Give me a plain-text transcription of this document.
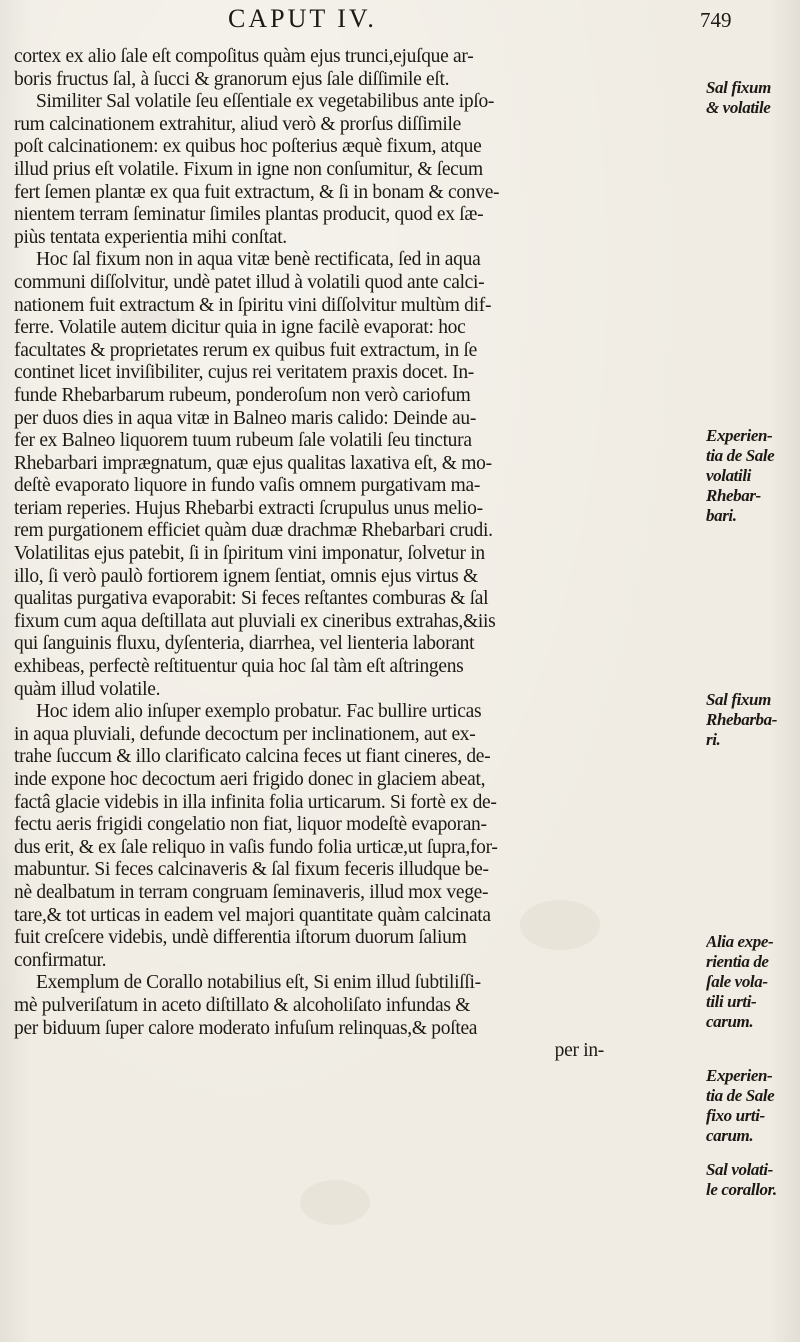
CAPUT IV.	749
cortex ex alio ſale eſt compoſitus quàm ejus trunci,ejuſque ar-
boris fructus ſal, à ſucci & granorum ejus ſale diſſimile eſt.
Similiter Sal volatile ſeu eſſentiale ex vegetabilibus ante ipſo-
rum calcinationem extrahitur, aliud verò & prorſus diſſimile
poſt calcinationem: ex quibus hoc poſterius æquè fixum, atque
illud prius eſt volatile. Fixum in igne non conſumitur, & ſecum
fert ſemen plantæ ex qua fuit extractum, & ſi in bonam & conve-
nientem terram ſeminatur ſimiles plantas producit, quod ex ſæ-
piùs tentata experientia mihi conſtat.
Hoc ſal fixum non in aqua vitæ benè rectificata, ſed in aqua
communi diſſolvitur, undè patet illud à volatili quod ante calci-
nationem fuit extractum & in ſpiritu vini diſſolvitur multùm dif-
ferre. Volatile autem dicitur quia in igne facilè evaporat: hoc
facultates & proprietates rerum ex quibus fuit extractum, in ſe
continet licet inviſibiliter, cujus rei veritatem praxis docet. In-
funde Rhebarbarum rubeum, ponderoſum non verò cariofum
per duos dies in aqua vitæ in Balneo maris calido: Deinde au-
fer ex Balneo liquorem tuum rubeum ſale volatili ſeu tinctura
Rhebarbari imprægnatum, quæ ejus qualitas laxativa eſt, & mo-
deſtè evaporato liquore in fundo vaſis omnem purgativam ma-
teriam reperies. Hujus Rhebarbi extracti ſcrupulus unus melio-
rem purgationem efficiet quàm duæ drachmæ Rhebarbari crudi.
Volatilitas ejus patebit, ſi in ſpiritum vini imponatur, ſolvetur in
illo, ſi verò paulò fortiorem ignem ſentiat, omnis ejus virtus &
qualitas purgativa evaporabit: Si feces reſtantes comburas & ſal
fixum cum aqua deſtillata aut pluviali ex cineribus extrahas,&iis
qui ſanguinis fluxu, dyſenteria, diarrhea, vel lienteria laborant
exhibeas, perfectè reſtituentur quia hoc ſal tàm eſt aſtringens
quàm illud volatile.
Hoc idem alio inſuper exemplo probatur. Fac bullire urticas
in aqua pluviali, defunde decoctum per inclinationem, aut ex-
trahe ſuccum & illo clarificato calcina feces ut fiant cineres, de-
inde expone hoc decoctum aeri frigido donec in glaciem abeat,
factâ glacie videbis in illa infinita folia urticarum. Si fortè ex de-
fectu aeris frigidi congelatio non fiat, liquor modeſtè evaporan-
dus erit, & ex ſale reliquo in vaſis fundo folia urticæ,ut ſupra,for-
mabuntur. Si feces calcinaveris & ſal fixum feceris illudque be-
nè dealbatum in terram congruam ſeminaveris, illud mox vege-
tare,& tot urticas in eadem vel majori quantitate quàm calcinata
fuit creſcere videbis, undè differentia iſtorum duorum ſalium
confirmatur.
Exemplum de Corallo notabilius eſt, Si enim illud ſubtiliſſi-
mè pulveriſatum in aceto diſtillato & alcoholiſato infundas &
per biduum ſuper calore moderato infuſum relinquas,& poſtea
per in-
Sal fixum
& volatile
Experien-
tia de Sale
volatili
Rhebar-
bari.
Sal fixum
Rhebarba-
ri.
Alia expe-
rientia de
ſale vola-
tili urti-
carum.
Experien-
tia de Sale
fixo urti-
carum.
Sal volati-
le corallor.
